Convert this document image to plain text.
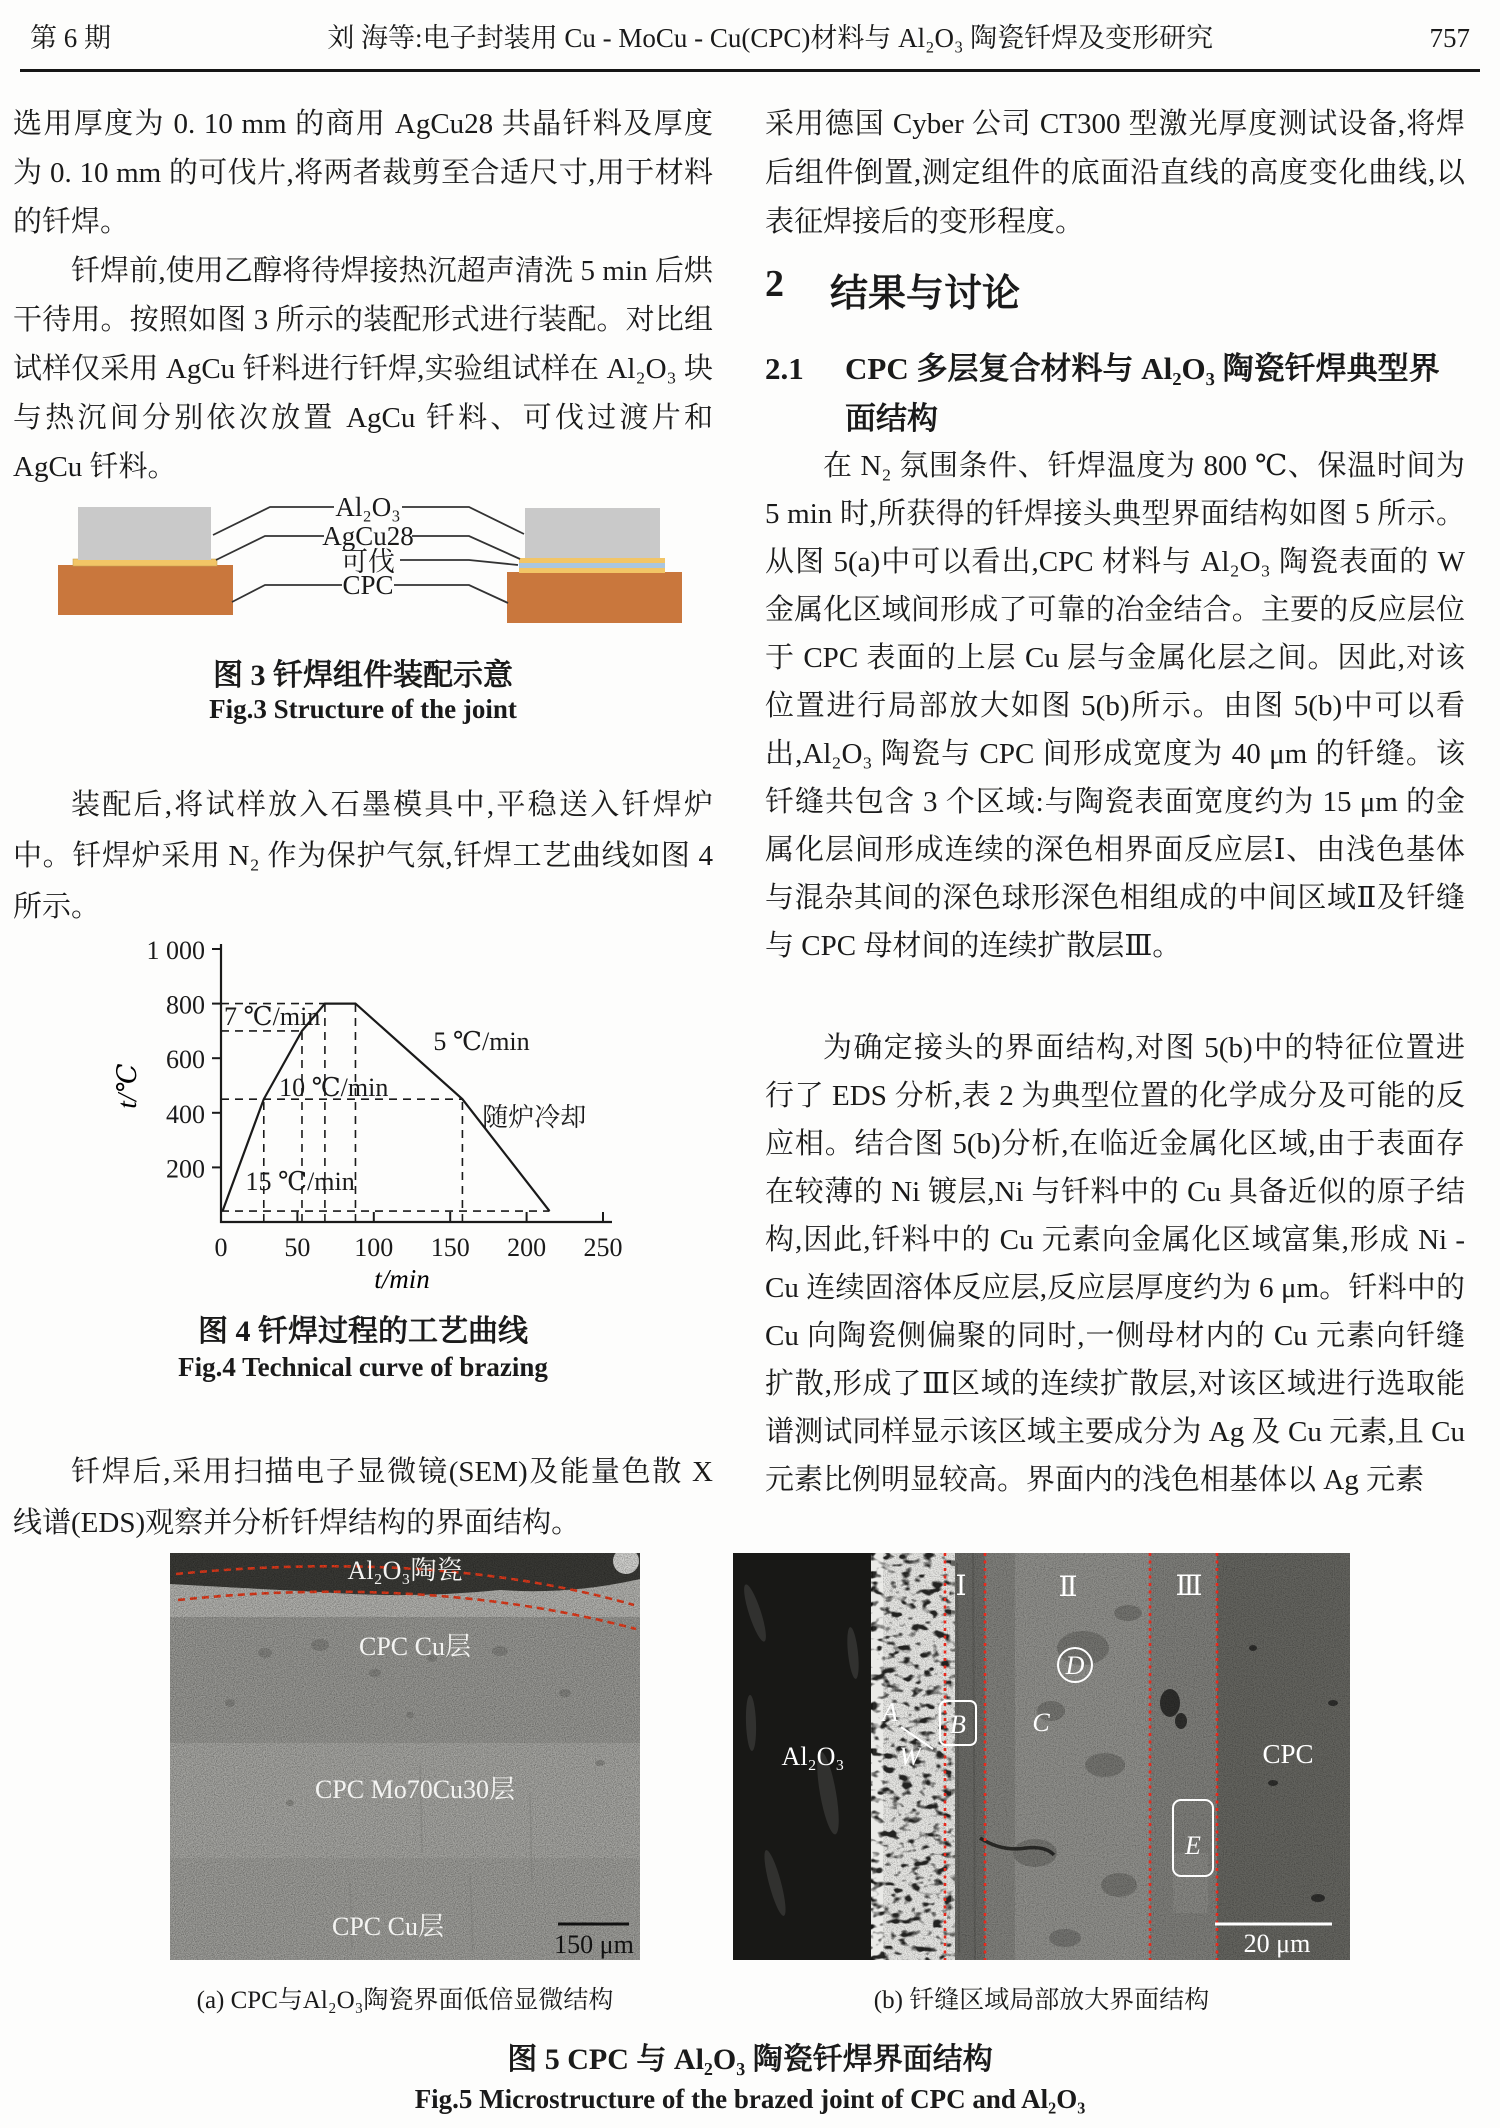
第 6 期	刘 海等:电子封装用 Cu - MoCu - Cu(CPC)材料与 Al₂O₃ 陶瓷钎焊及变形研究	757
选用厚度为 0. 10 mm 的商用 AgCu28 共晶钎料及厚度为 0. 10 mm 的可伐片,将两者裁剪至合适尺寸,用于材料的钎焊。
钎焊前,使用乙醇将待焊接热沉超声清洗 5 min 后烘干待用。按照如图 3 所示的装配形式进行装配。对比组试样仅采用 AgCu 钎料进行钎焊,实验组试样在 Al₂O₃ 块与热沉间分别依次放置 AgCu 钎料、可伐过渡片和 AgCu 钎料。
装配后,将试样放入石墨模具中,平稳送入钎焊炉中。钎焊炉采用 N₂ 作为保护气氛,钎焊工艺曲线如图 4 所示。
钎焊后,采用扫描电子显微镜(SEM)及能量色散 X 线谱(EDS)观察并分析钎焊结构的界面结构。
Al₂O₃
AgCu28
可伐
CPC
图 3 钎焊组件装配示意
Fig.3 Structure of the joint
t/℃
t/min
200
400
600
800
1 000
0 50 100 150 200 250
7 ℃/min
5 ℃/min
10 ℃/min
随炉冷却
15 ℃/min
图 4 钎焊过程的工艺曲线
Fig.4 Technical curve of brazing
采用德国 Cyber 公司 CT300 型激光厚度测试设备,将焊后组件倒置,测定组件的底面沿直线的高度变化曲线,以表征焊接后的变形程度。
2	结果与讨论
2.1	CPC 多层复合材料与 Al₂O₃ 陶瓷钎焊典型界面结构
在 N₂ 氛围条件、钎焊温度为 800 ℃、保温时间为 5 min 时,所获得的钎焊接头典型界面结构如图 5 所示。从图 5(a)中可以看出,CPC 材料与 Al₂O₃ 陶瓷表面的 W 金属化区域间形成了可靠的冶金结合。主要的反应层位于 CPC 表面的上层 Cu 层与金属化层之间。因此,对该位置进行局部放大如图 5(b)所示。由图 5(b)中可以看出,Al₂O₃ 陶瓷与 CPC 间形成宽度为 40 μm 的钎缝。该钎缝共包含 3 个区域:与陶瓷表面宽度约为 15 μm 的金属化层间形成连续的深色相界面反应层Ⅰ、由浅色基体与混杂其间的深色球形深色相组成的中间区域Ⅱ及钎缝与 CPC 母材间的连续扩散层Ⅲ。
为确定接头的界面结构,对图 5(b)中的特征位置进行了 EDS 分析,表 2 为典型位置的化学成分及可能的反应相。结合图 5(b)分析,在临近金属化区域,由于表面存在较薄的 Ni 镀层,Ni 与钎料中的 Cu 具备近似的原子结构,因此,钎料中的 Cu 元素向金属化区域富集,形成 Ni - Cu 连续固溶体反应层,反应层厚度约为 6 μm。钎料中的 Cu 向陶瓷侧偏聚的同时,一侧母材内的 Cu 元素向钎缝扩散,形成了Ⅲ区域的连续扩散层,对该区域进行选取能谱测试同样显示该区域主要成分为 Ag 及 Cu 元素,且 Cu 元素比例明显较高。界面内的浅色相基体以 Ag 元素
Al₂O₃陶瓷
CPC Cu层
CPC Mo70Cu30层
CPC Cu层
150 μm
Ⅰ	Ⅱ	Ⅲ
Al₂O₃ W
A B	C
D
E
CPC
20 μm
(a) CPC与Al₂O₃陶瓷界面低倍显微结构	(b) 钎缝区域局部放大界面结构
图 5 CPC 与 Al₂O₃ 陶瓷钎焊界面结构
Fig.5 Microstructure of the brazed joint of CPC and Al₂O₃
